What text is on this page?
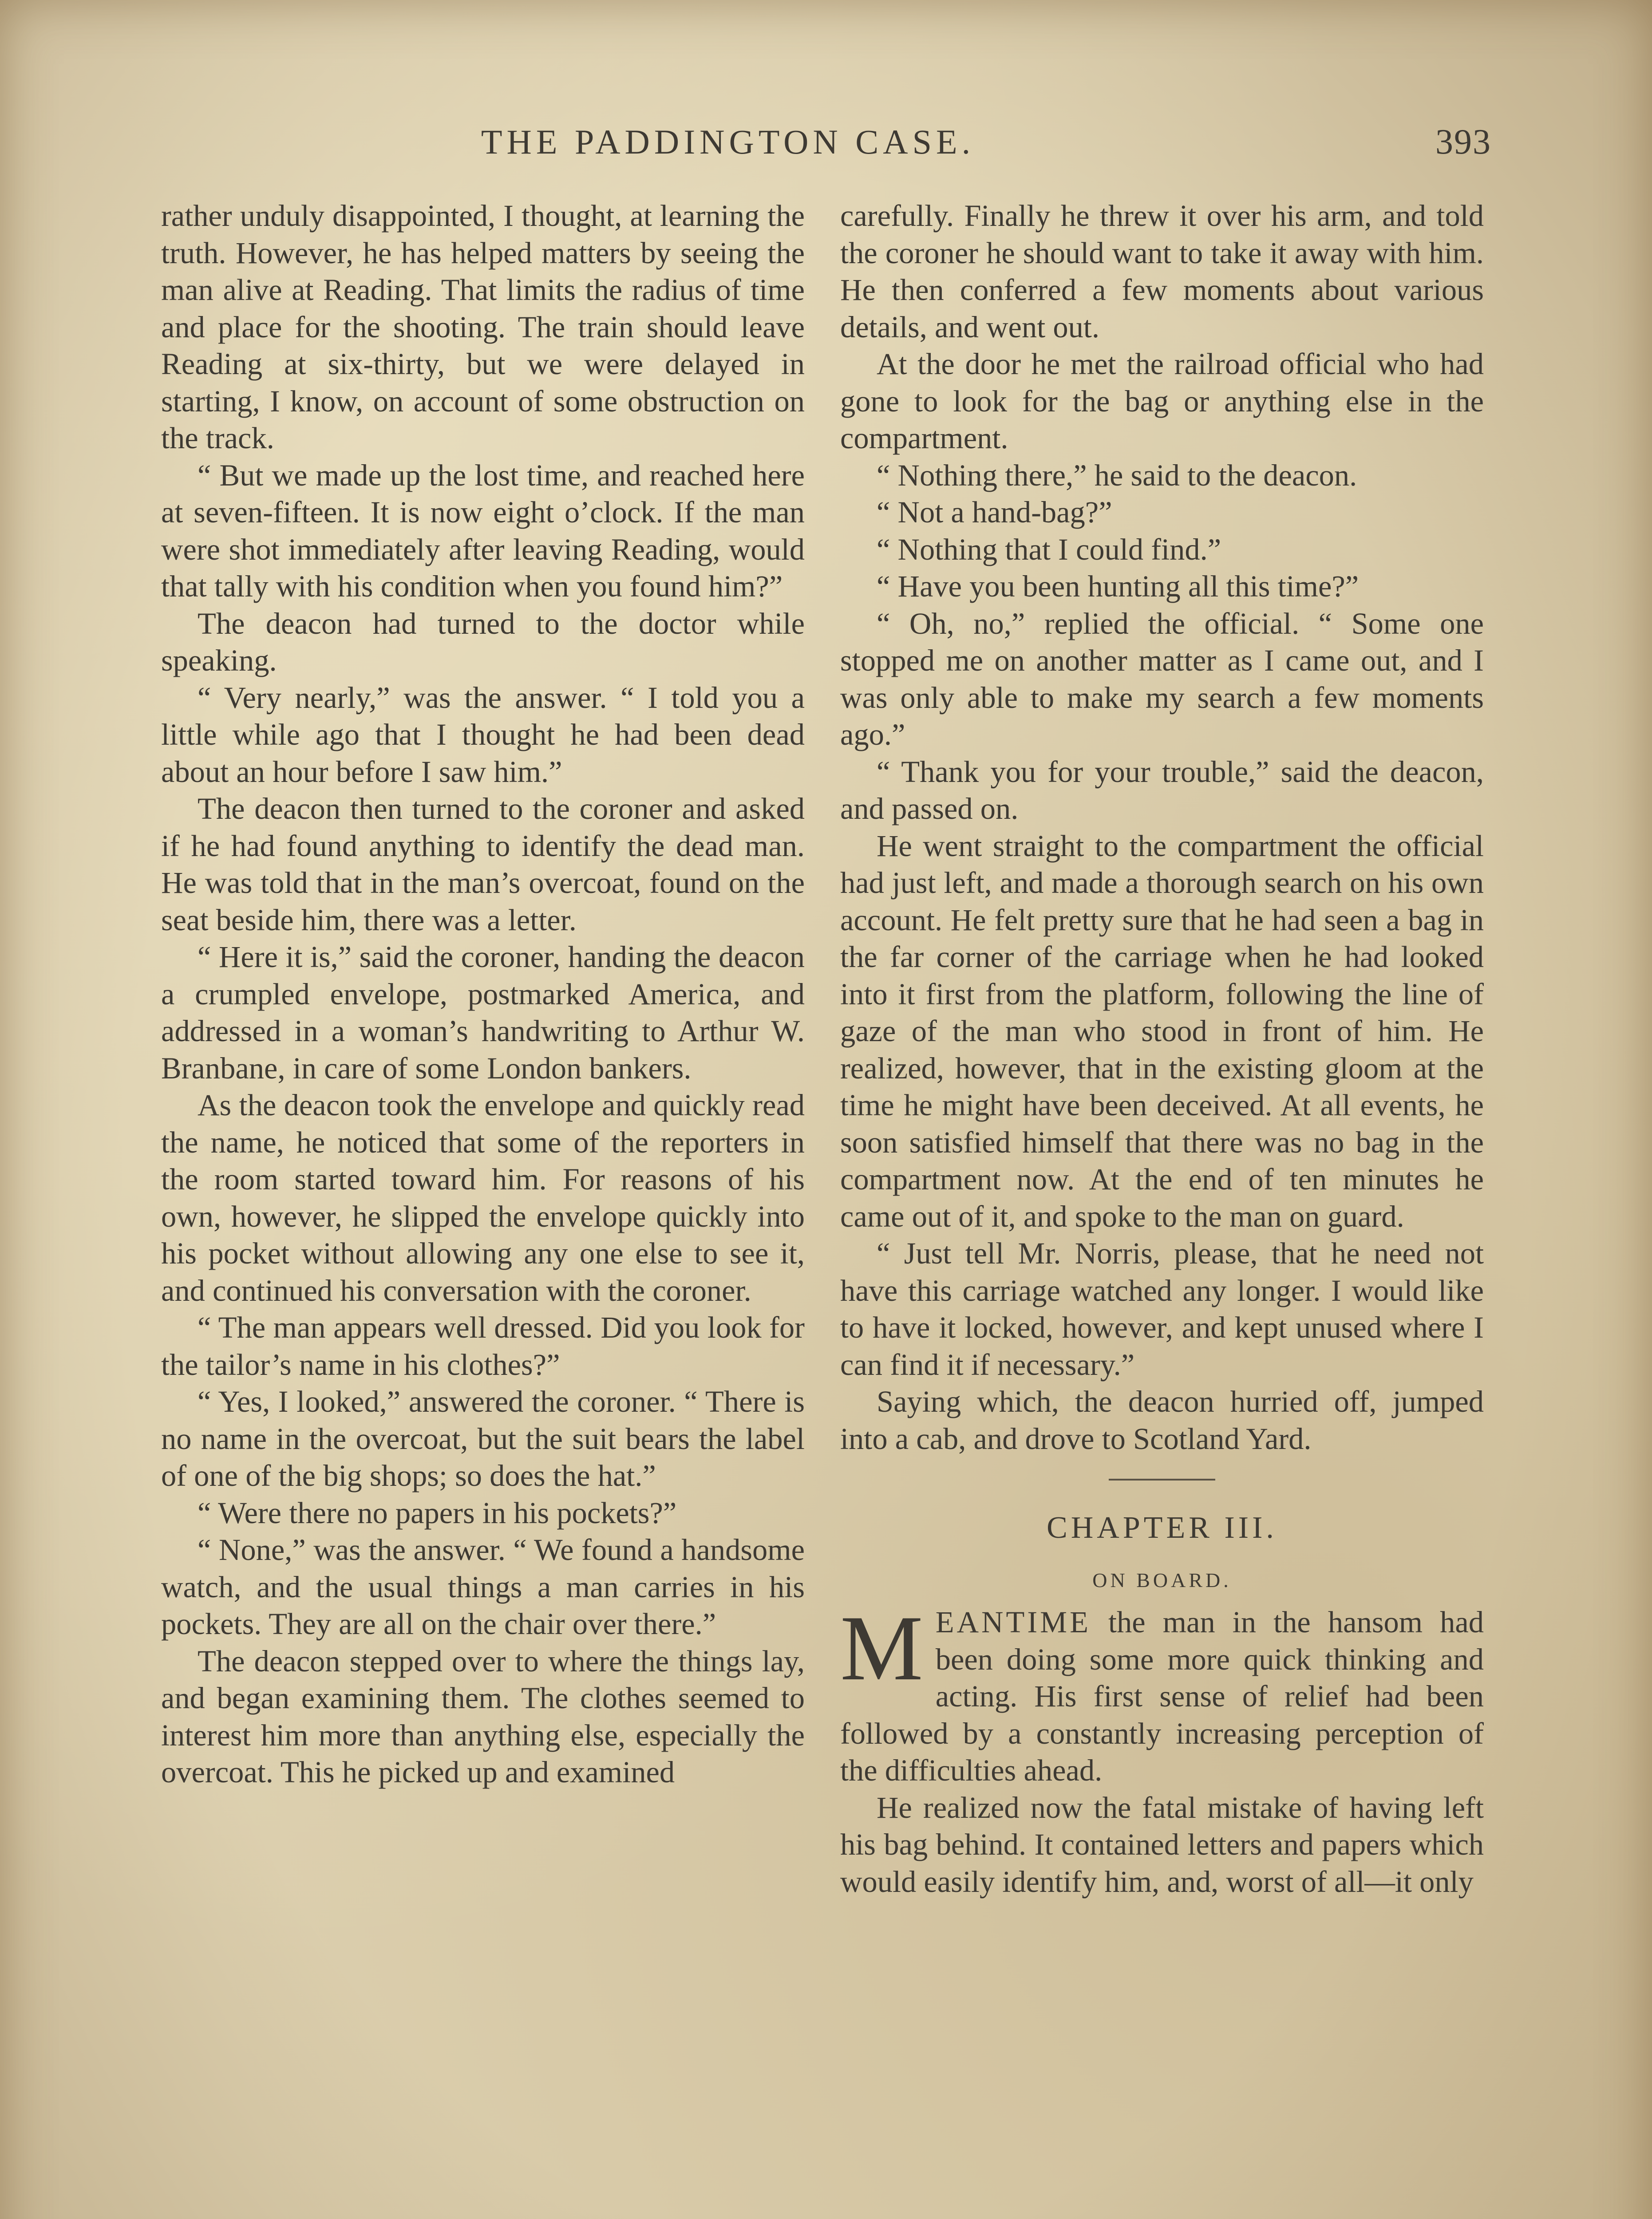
THE PADDINGTON CASE.	393

rather unduly disappointed, I thought, at learning the truth. However, he has helped matters by seeing the man alive at Reading. That limits the radius of time and place for the shooting. The train should leave Reading at six-thirty, but we were delayed in starting, I know, on account of some obstruction on the track.

“ But we made up the lost time, and reached here at seven-fifteen. It is now eight o’clock. If the man were shot immediately after leaving Reading, would that tally with his condition when you found him?”

The deacon had turned to the doctor while speaking.

“ Very nearly,” was the answer. “ I told you a little while ago that I thought he had been dead about an hour before I saw him.”

The deacon then turned to the coroner and asked if he had found anything to identify the dead man. He was told that in the man’s overcoat, found on the seat beside him, there was a letter.

“ Here it is,” said the coroner, handing the deacon a crumpled envelope, postmarked America, and addressed in a woman’s handwriting to Arthur W. Branbane, in care of some London bankers.

As the deacon took the envelope and quickly read the name, he noticed that some of the reporters in the room started toward him. For reasons of his own, however, he slipped the envelope quickly into his pocket without allowing any one else to see it, and continued his conversation with the coroner.

“ The man appears well dressed. Did you look for the tailor’s name in his clothes?”

“ Yes, I looked,” answered the coroner. “ There is no name in the overcoat, but the suit bears the label of one of the big shops; so does the hat.”

“ Were there no papers in his pockets?”

“ None,” was the answer. “ We found a handsome watch, and the usual things a man carries in his pockets. They are all on the chair over there.”

The deacon stepped over to where the things lay, and began examining them. The clothes seemed to interest him more than anything else, especially the overcoat. This he picked up and examined

carefully. Finally he threw it over his arm, and told the coroner he should want to take it away with him. He then conferred a few moments about various details, and went out.

At the door he met the railroad official who had gone to look for the bag or anything else in the compartment.

“ Nothing there,” he said to the deacon.

“ Not a hand-bag?”

“ Nothing that I could find.”

“ Have you been hunting all this time?”

“ Oh, no,” replied the official. “ Some one stopped me on another matter as I came out, and I was only able to make my search a few moments ago.”

“ Thank you for your trouble,” said the deacon, and passed on.

He went straight to the compartment the official had just left, and made a thorough search on his own account. He felt pretty sure that he had seen a bag in the far corner of the carriage when he had looked into it first from the platform, following the line of gaze of the man who stood in front of him. He realized, however, that in the existing gloom at the time he might have been deceived. At all events, he soon satisfied himself that there was no bag in the compartment now. At the end of ten minutes he came out of it, and spoke to the man on guard.

“ Just tell Mr. Norris, please, that he need not have this carriage watched any longer. I would like to have it locked, however, and kept unused where I can find it if necessary.”

Saying which, the deacon hurried off, jumped into a cab, and drove to Scotland Yard.

CHAPTER III.
ON BOARD.

MEANTIME the man in the hansom had been doing some more quick thinking and acting. His first sense of relief had been followed by a constantly increasing perception of the difficulties ahead.

He realized now the fatal mistake of having left his bag behind. It contained letters and papers which would easily identify him, and, worst of all—it only
